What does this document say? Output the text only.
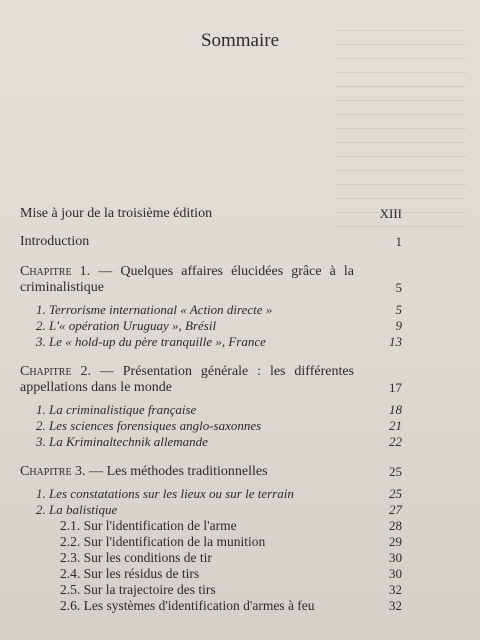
Sommaire
Mise à jour de la troisième édition	XIII
Introduction	1
Chapitre 1. — Quelques affaires élucidées grâce à la criminalistique	5
1. Terrorisme international « Action directe »	5
2. L'« opération Uruguay », Brésil	9
3. Le « hold-up du père tranquille », France	13
Chapitre 2. — Présentation générale : les différentes appellations dans le monde	17
1. La criminalistique française	18
2. Les sciences forensiques anglo-saxonnes	21
3. La Kriminaltechnik allemande	22
Chapitre 3. — Les méthodes traditionnelles	25
1. Les constatations sur les lieux ou sur le terrain	25
2. La balistique	27
2.1. Sur l'identification de l'arme	28
2.2. Sur l'identification de la munition	29
2.3. Sur les conditions de tir	30
2.4. Sur les résidus de tirs	30
2.5. Sur la trajectoire des tirs	32
2.6. Les systèmes d'identification d'armes à feu	32
